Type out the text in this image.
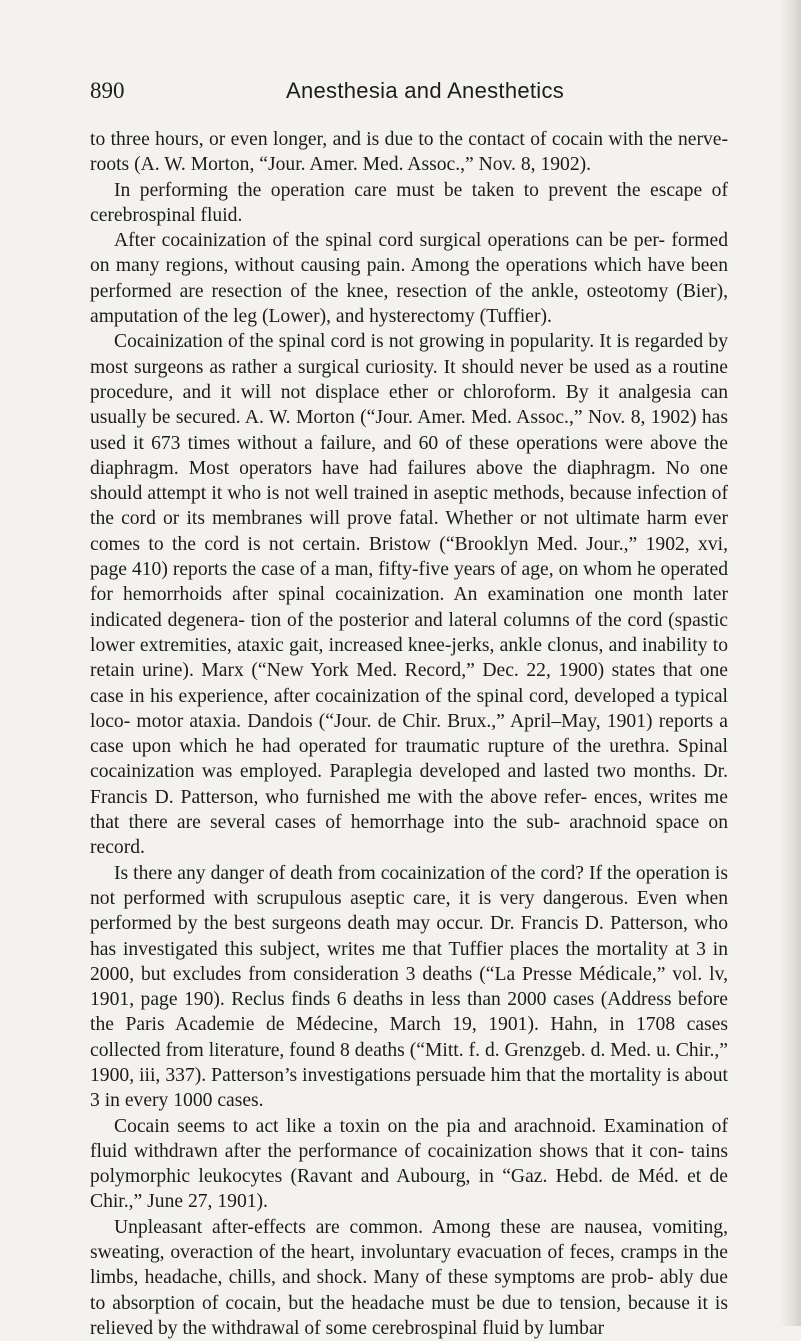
890	Anesthesia and Anesthetics

to three hours, or even longer, and is due to the contact of cocain with the nerve-roots (A. W. Morton, “Jour. Amer. Med. Assoc.,” Nov. 8, 1902).

In performing the operation care must be taken to prevent the escape of cerebrospinal fluid.

After cocainization of the spinal cord surgical operations can be per- formed on many regions, without causing pain. Among the operations which have been performed are resection of the knee, resection of the ankle, osteotomy (Bier), amputation of the leg (Lower), and hysterectomy (Tuffier).

Cocainization of the spinal cord is not growing in popularity. It is regarded by most surgeons as rather a surgical curiosity. It should never be used as a routine procedure, and it will not displace ether or chloroform. By it analgesia can usually be secured. A. W. Morton (“Jour. Amer. Med. Assoc.,” Nov. 8, 1902) has used it 673 times without a failure, and 60 of these operations were above the diaphragm. Most operators have had failures above the diaphragm. No one should attempt it who is not well trained in aseptic methods, because infection of the cord or its membranes will prove fatal. Whether or not ultimate harm ever comes to the cord is not certain. Bristow (“Brooklyn Med. Jour.,” 1902, xvi, page 410) reports the case of a man, fifty-five years of age, on whom he operated for hemorrhoids after spinal cocainization. An examination one month later indicated degenera- tion of the posterior and lateral columns of the cord (spastic lower extremities, ataxic gait, increased knee-jerks, ankle clonus, and inability to retain urine). Marx (“New York Med. Record,” Dec. 22, 1900) states that one case in his experience, after cocainization of the spinal cord, developed a typical loco- motor ataxia. Dandois (“Jour. de Chir. Brux.,” April–May, 1901) reports a case upon which he had operated for traumatic rupture of the urethra. Spinal cocainization was employed. Paraplegia developed and lasted two months. Dr. Francis D. Patterson, who furnished me with the above refer- ences, writes me that there are several cases of hemorrhage into the sub- arachnoid space on record.

Is there any danger of death from cocainization of the cord? If the operation is not performed with scrupulous aseptic care, it is very dangerous. Even when performed by the best surgeons death may occur. Dr. Francis D. Patterson, who has investigated this subject, writes me that Tuffier places the mortality at 3 in 2000, but excludes from consideration 3 deaths (“La Presse Médicale,” vol. lv, 1901, page 190). Reclus finds 6 deaths in less than 2000 cases (Address before the Paris Academie de Médecine, March 19, 1901). Hahn, in 1708 cases collected from literature, found 8 deaths (“Mitt. f. d. Grenzgeb. d. Med. u. Chir.,” 1900, iii, 337). Patterson’s investigations persuade him that the mortality is about 3 in every 1000 cases.

Cocain seems to act like a toxin on the pia and arachnoid. Examination of fluid withdrawn after the performance of cocainization shows that it con- tains polymorphic leukocytes (Ravant and Aubourg, in “Gaz. Hebd. de Méd. et de Chir.,” June 27, 1901).

Unpleasant after-effects are common. Among these are nausea, vomiting, sweating, overaction of the heart, involuntary evacuation of feces, cramps in the limbs, headache, chills, and shock. Many of these symptoms are prob- ably due to absorption of cocain, but the headache must be due to tension, because it is relieved by the withdrawal of some cerebrospinal fluid by lumbar
